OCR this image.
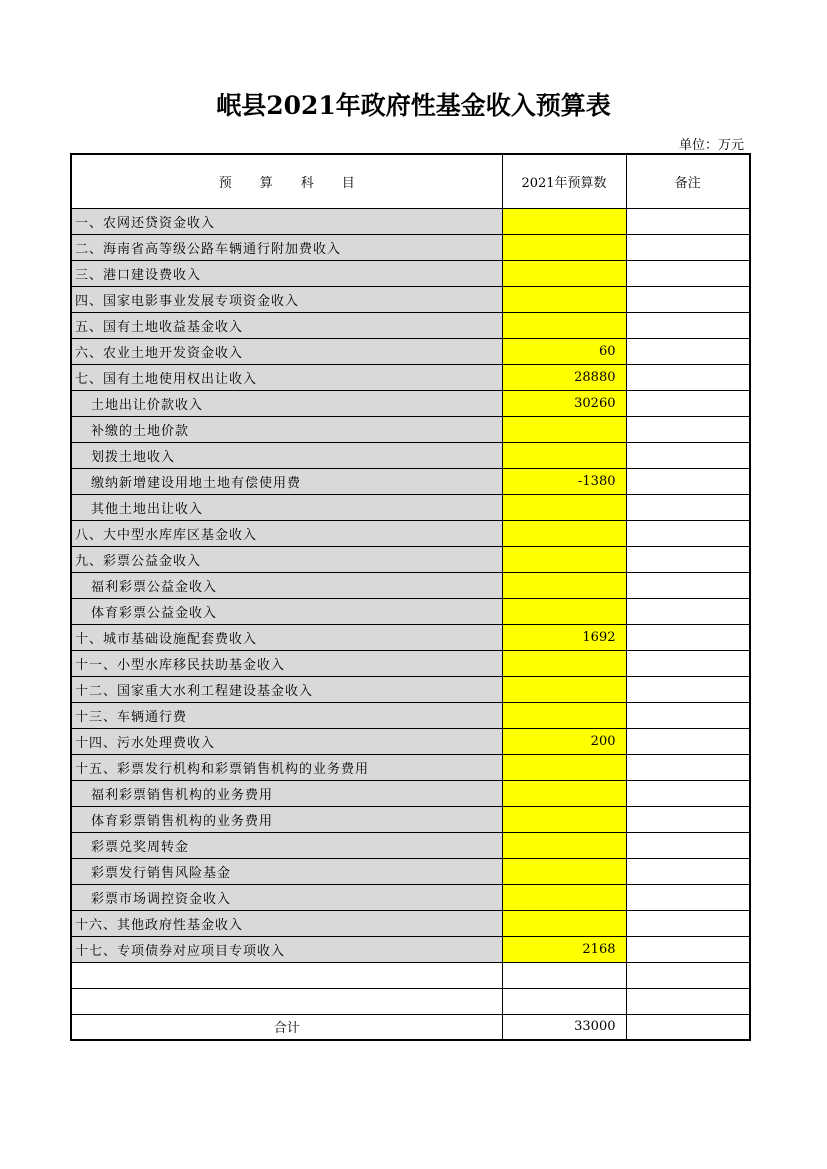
岷县2021年政府性基金收入预算表
单位：万元
预算科目	2021年预算数	备注
一、农网还贷资金收入		
二、海南省高等级公路车辆通行附加费收入		
三、港口建设费收入		
四、国家电影事业发展专项资金收入		
五、国有土地收益基金收入		
六、农业土地开发资金收入	60	
七、国有土地使用权出让收入	28880	
土地出让价款收入	30260	
补缴的土地价款		
划拨土地收入		
缴纳新增建设用地土地有偿使用费	-1380	
其他土地出让收入		
八、大中型水库库区基金收入		
九、彩票公益金收入		
福利彩票公益金收入		
体育彩票公益金收入		
十、城市基础设施配套费收入	1692	
十一、小型水库移民扶助基金收入		
十二、国家重大水利工程建设基金收入		
十三、车辆通行费		
十四、污水处理费收入	200	
十五、彩票发行机构和彩票销售机构的业务费用		
福利彩票销售机构的业务费用		
体育彩票销售机构的业务费用		
彩票兑奖周转金		
彩票发行销售风险基金		
彩票市场调控资金收入		
十六、其他政府性基金收入		
十七、专项债券对应项目专项收入	2168	

合计	33000	
